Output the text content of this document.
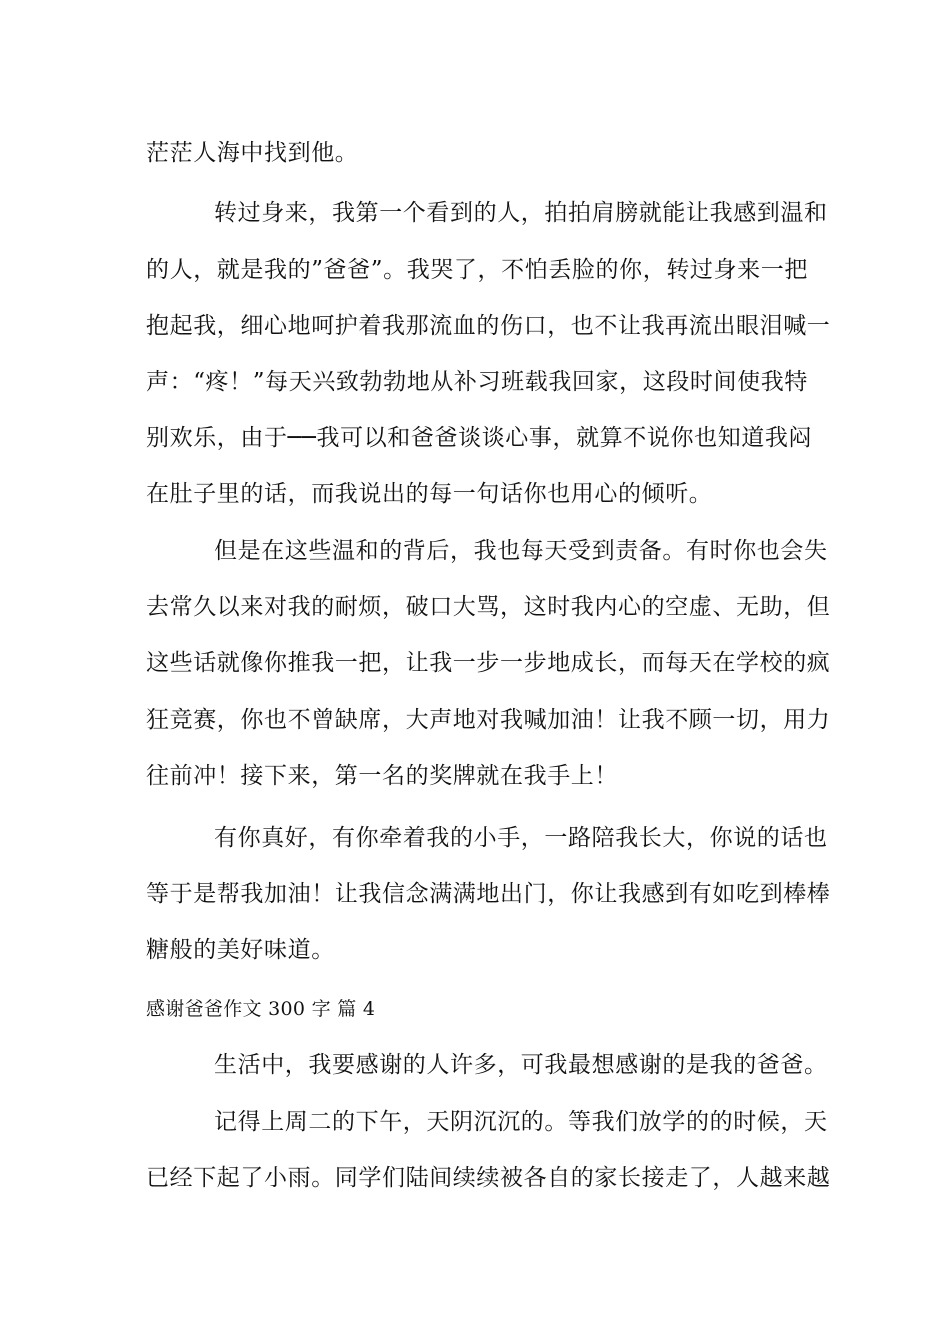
茫茫人海中找到他。
转过身来，我第一个看到的人，拍拍肩膀就能让我感到温和
的人，就是我的”爸爸”。我哭了，不怕丢脸的你，转过身来一把
抱起我，细心地呵护着我那流血的伤口，也不让我再流出眼泪喊一
声：“疼！”每天兴致勃勃地从补习班载我回家，这段时间使我特
别欢乐，由于──我可以和爸爸谈谈心事，就算不说你也知道我闷
在肚子里的话，而我说出的每一句话你也用心的倾听。
但是在这些温和的背后，我也每天受到责备。有时你也会失
去常久以来对我的耐烦，破口大骂，这时我内心的空虚、无助，但
这些话就像你推我一把，让我一步一步地成长，而每天在学校的疯
狂竞赛，你也不曾缺席，大声地对我喊加油！让我不顾一切，用力
往前冲！接下来，第一名的奖牌就在我手上！
有你真好，有你牵着我的小手，一路陪我长大，你说的话也
等于是帮我加油！让我信念满满地出门，你让我感到有如吃到棒棒
糖般的美好味道。
感谢爸爸作文 300 字 篇 4
生活中，我要感谢的人许多，可我最想感谢的是我的爸爸。
记得上周二的下午，天阴沉沉的。等我们放学的的时候，天
已经下起了小雨。同学们陆间续续被各自的家长接走了，人越来越
